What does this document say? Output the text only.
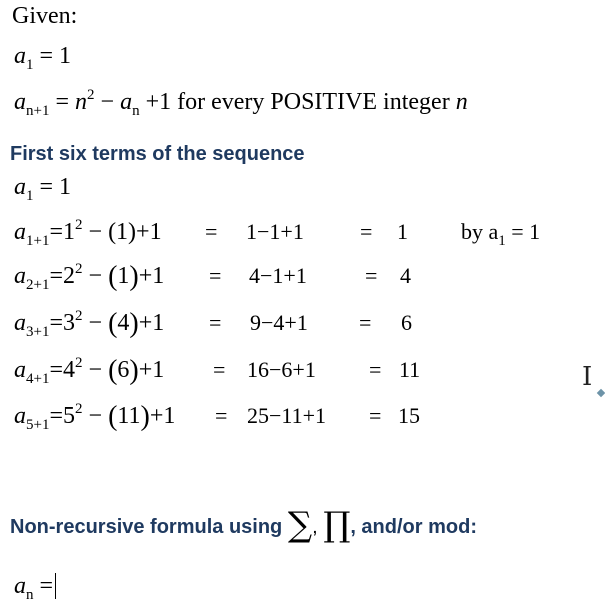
Given:
$a_1 = 1$
$a_{n+1} = n^2 - a_n +1$ for every POSITIVE integer n
First six terms of the sequence
$a_1 = 1$
$a_{1+1}=1^2 - (1)+1 = 1-1+1$	= 1 by $a_1 = 1$
$a_{2+1}=2^2 - (1)+1 = 4-1+1$	= 4
$a_{3+1}=3^2 - (4)+1 = 9-4+1 = 6$
$a_{4+1}=4^2 - (6)+1 = 16-6+1 = 11$
$a_{5+1}=5^2 - (11)+1 = 25-11+1 = 15$
I
Non-recursive formula using ∑, ∏, and/or mod:
$a_n$ =
